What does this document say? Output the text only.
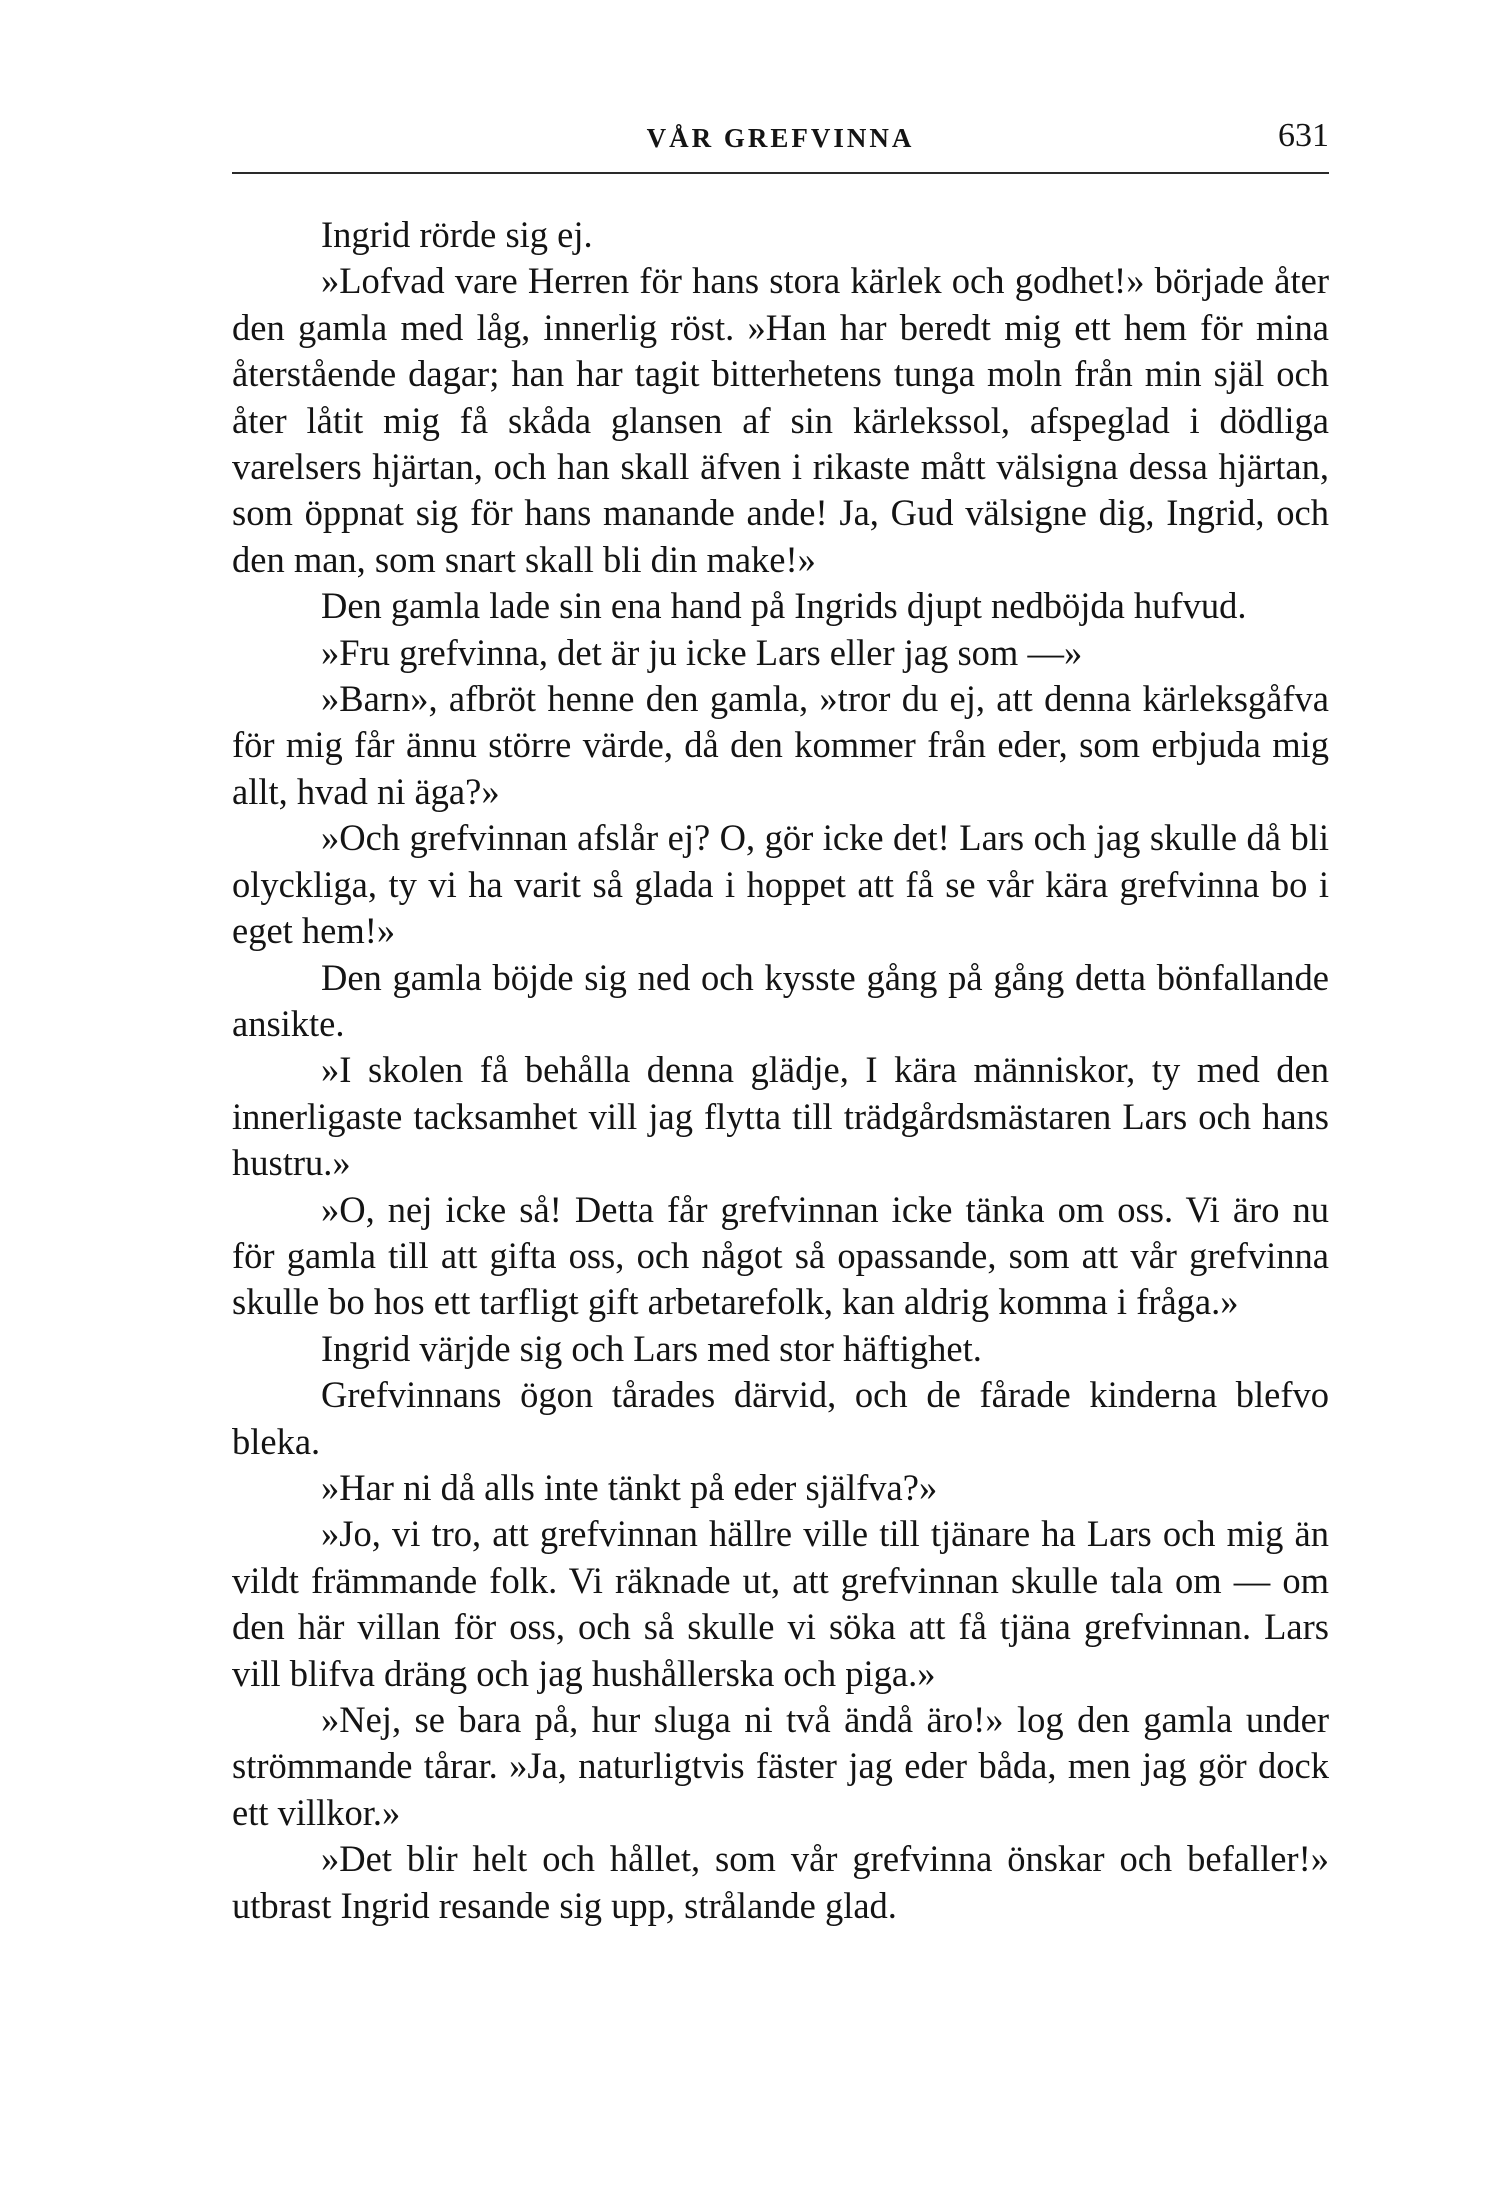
VÅR GREFVINNA	631

Ingrid rörde sig ej.

»Lofvad vare Herren för hans stora kärlek och godhet!» började åter den gamla med låg, innerlig röst. »Han har beredt mig ett hem för mina återstående dagar; han har tagit bitterhetens tunga moln från min själ och åter låtit mig få skåda glansen af sin kärlekssol, afspeglad i dödliga varelsers hjärtan, och han skall äfven i rikaste mått välsigna dessa hjärtan, som öppnat sig för hans manande ande! Ja, Gud välsigne dig, Ingrid, och den man, som snart skall bli din make!»

Den gamla lade sin ena hand på Ingrids djupt nedböjda hufvud.

»Fru grefvinna, det är ju icke Lars eller jag som —»

»Barn», afbröt henne den gamla, »tror du ej, att denna kärleksgåfva för mig får ännu större värde, då den kommer från eder, som erbjuda mig allt, hvad ni äga?»

»Och grefvinnan afslår ej? O, gör icke det! Lars och jag skulle då bli olyckliga, ty vi ha varit så glada i hoppet att få se vår kära grefvinna bo i eget hem!»

Den gamla böjde sig ned och kysste gång på gång detta bönfallande ansikte.

»I skolen få behålla denna glädje, I kära människor, ty med den innerligaste tacksamhet vill jag flytta till trädgårdsmästaren Lars och hans hustru.»

»O, nej icke så! Detta får grefvinnan icke tänka om oss. Vi äro nu för gamla till att gifta oss, och något så opassande, som att vår grefvinna skulle bo hos ett tarfligt gift arbetarefolk, kan aldrig komma i fråga.»

Ingrid värjde sig och Lars med stor häftighet.

Grefvinnans ögon tårades därvid, och de fårade kinderna blefvo bleka.

»Har ni då alls inte tänkt på eder själfva?»

»Jo, vi tro, att grefvinnan hällre ville till tjänare ha Lars och mig än vildt främmande folk. Vi räknade ut, att grefvinnan skulle tala om — om den här villan för oss, och så skulle vi söka att få tjäna grefvinnan. Lars vill blifva dräng och jag hushållerska och piga.»

»Nej, se bara på, hur sluga ni två ändå äro!» log den gamla under strömmande tårar. »Ja, naturligtvis fäster jag eder båda, men jag gör dock ett villkor.»

»Det blir helt och hållet, som vår grefvinna önskar och befaller!» utbrast Ingrid resande sig upp, strålande glad.
